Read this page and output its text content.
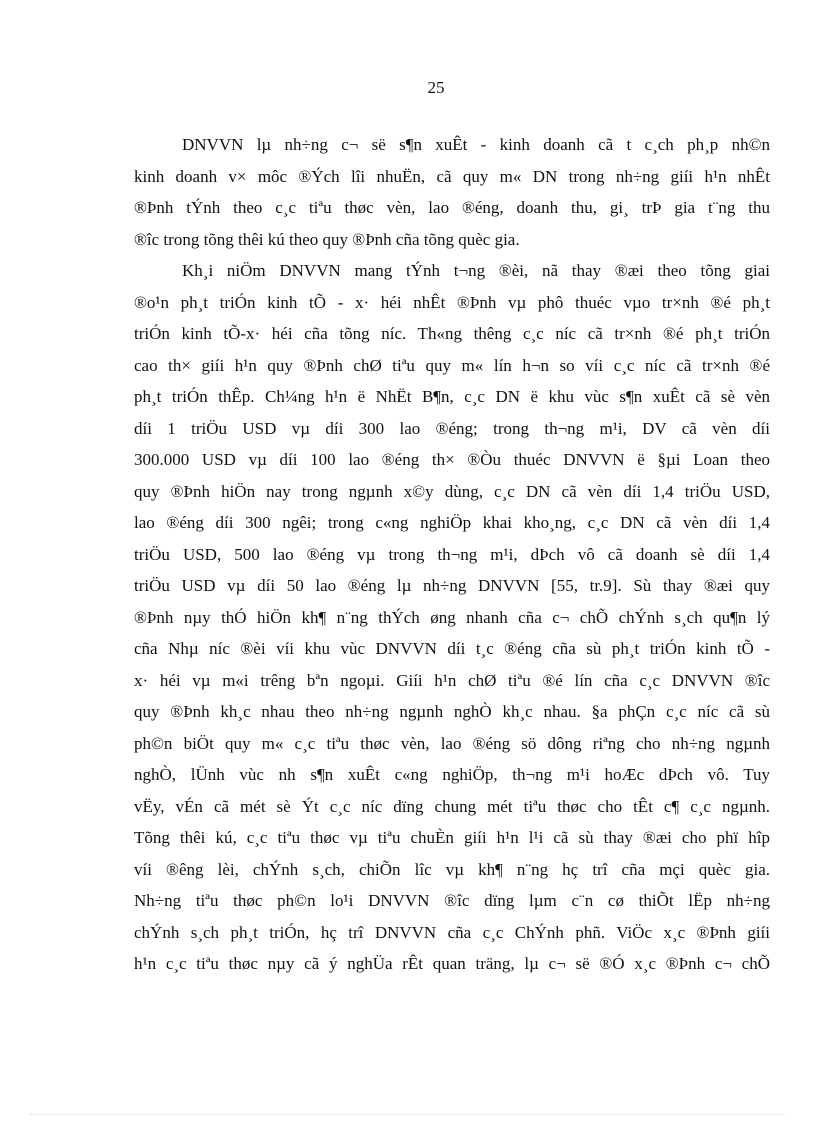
25
DNVVN lµ nh÷ng c¬ së s¶n xuÊt - kinh doanh cã t c¸ch ph¸p nh©n
kinh doanh v× môc ®Ých lîi nhuËn, cã quy m« DN trong nh÷ng giíi h¹n nhÊt
®Þnh tÝnh theo c¸c tiªu thøc vèn, lao ®éng, doanh thu, gi¸ trÞ gia t¨ng thu
®îc trong tõng thêi kú theo quy ®Þnh cña tõng quèc gia.
Kh¸i niÖm DNVVN mang tÝnh t¬ng ®èi, nã thay ®æi theo tõng giai
®o¹n ph¸t triÓn kinh tÕ - x· héi nhÊt ®Þnh vµ phô thuéc vµo tr×nh ®é ph¸t
triÓn kinh tÕ-x· héi cña tõng níc. Th«ng thêng c¸c níc cã tr×nh ®é ph¸t triÓn
cao th× giíi h¹n quy ®Þnh chØ tiªu quy m« lín h¬n so víi c¸c níc cã tr×nh ®é
ph¸t triÓn thÊp. Ch¼ng h¹n ë NhËt B¶n, c¸c DN ë khu vùc s¶n xuÊt cã sè vèn
díi 1 triÖu USD vµ díi 300 lao ®éng; trong th¬ng m¹i, DV cã vèn díi
300.000 USD vµ díi 100 lao ®éng th× ®Òu thuéc DNVVN ë §µi Loan theo
quy ®Þnh hiÖn nay trong ngµnh x©y dùng, c¸c DN cã vèn díi 1,4 triÖu USD,
lao ®éng díi 300 ngêi; trong c«ng nghiÖp khai kho¸ng, c¸c DN cã vèn díi 1,4
triÖu USD, 500 lao ®éng vµ trong th¬ng m¹i, dÞch vô cã doanh sè díi 1,4
triÖu USD vµ díi 50 lao ®éng lµ nh÷ng DNVVN [55, tr.9]. Sù thay ®æi quy
®Þnh nµy thÓ hiÖn kh¶ n¨ng thÝch øng nhanh cña c¬ chÕ chÝnh s¸ch qu¶n lý
cña Nhµ níc ®èi víi khu vùc DNVVN díi t¸c ®éng cña sù ph¸t triÓn kinh tÕ -
x· héi vµ m«i trêng bªn ngoµi. Giíi h¹n chØ tiªu ®é lín cña c¸c DNVVN ®îc
quy ®Þnh kh¸c nhau theo nh÷ng ngµnh nghÒ kh¸c nhau. §a phÇn c¸c níc cã sù
ph©n biÖt quy m« c¸c tiªu thøc vèn, lao ®éng sö dông riªng cho nh÷ng ngµnh
nghÒ, lÜnh vùc nh s¶n xuÊt c«ng nghiÖp, th¬ng m¹i hoÆc dÞch vô. Tuy
vËy, vÉn cã mét sè Ýt c¸c níc dïng chung mét tiªu thøc cho tÊt c¶ c¸c ngµnh.
Tõng thêi kú, c¸c tiªu thøc vµ tiªu chuÈn giíi h¹n l¹i cã sù thay ®æi cho phï hîp
víi ®êng lèi, chÝnh s¸ch, chiÕn lîc vµ kh¶ n¨ng hç trî cña mçi quèc gia.
Nh÷ng tiªu thøc ph©n lo¹i DNVVN ®îc dïng lµm c¨n cø thiÕt lËp nh÷ng
chÝnh s¸ch ph¸t triÓn, hç trî DNVVN cña c¸c ChÝnh phñ. ViÖc x¸c ®Þnh giíi
h¹n c¸c tiªu thøc nµy cã ý nghÜa rÊt quan träng, lµ c¬ së ®Ó x¸c ®Þnh c¬ chÕ
